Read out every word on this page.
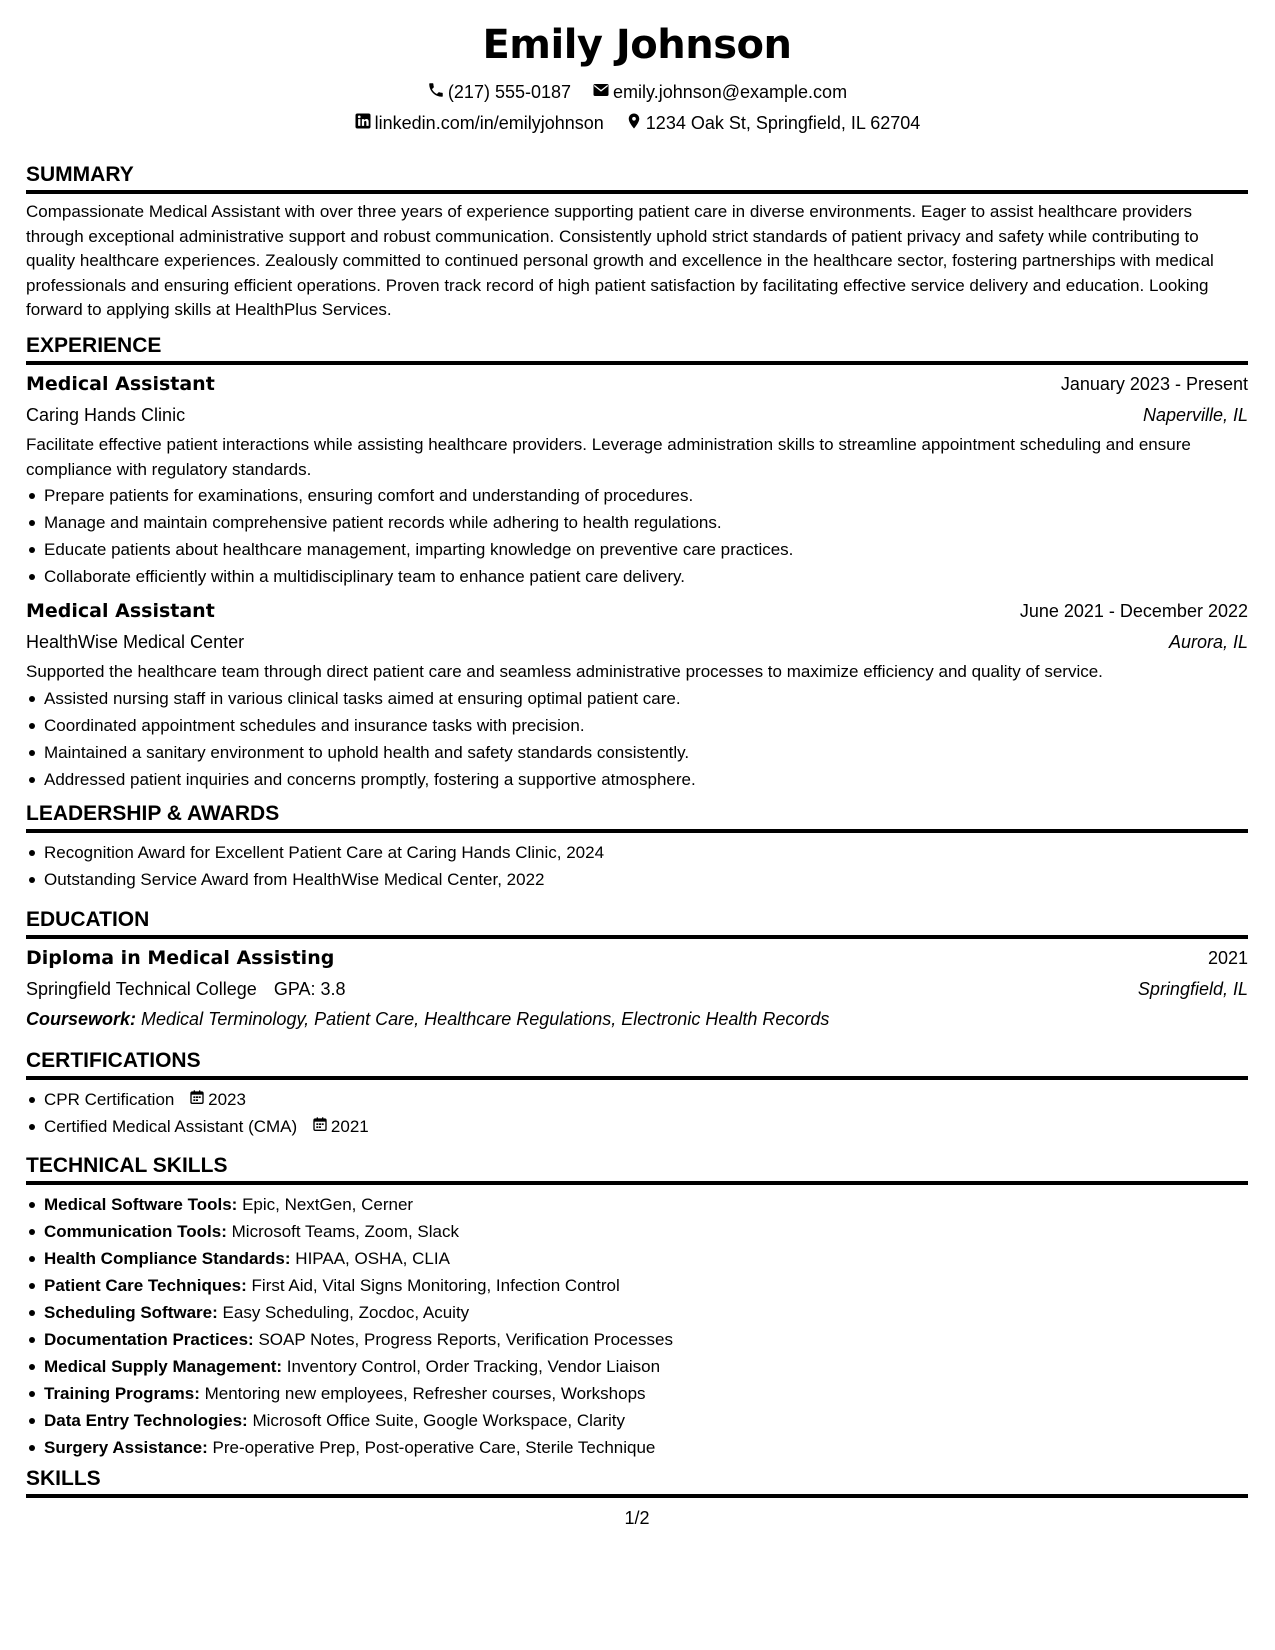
Emily Johnson
(217) 555-0187
emily.johnson@example.com
linkedin.com/in/emilyjohnson
1234 Oak St, Springfield, IL 62704
SUMMARY
Compassionate Medical Assistant with over three years of experience supporting patient care in diverse environments. Eager to assist healthcare providers through exceptional administrative support and robust communication. Consistently uphold strict standards of patient privacy and safety while contributing to quality healthcare experiences. Zealously committed to continued personal growth and excellence in the healthcare sector, fostering partnerships with medical professionals and ensuring efficient operations. Proven track record of high patient satisfaction by facilitating effective service delivery and education. Looking forward to applying skills at HealthPlus Services.
EXPERIENCE
Medical Assistant	January 2023 - Present
Caring Hands Clinic	Naperville, IL
Facilitate effective patient interactions while assisting healthcare providers. Leverage administration skills to streamline appointment scheduling and ensure compliance with regulatory standards.
Prepare patients for examinations, ensuring comfort and understanding of procedures.
Manage and maintain comprehensive patient records while adhering to health regulations.
Educate patients about healthcare management, imparting knowledge on preventive care practices.
Collaborate efficiently within a multidisciplinary team to enhance patient care delivery.
Medical Assistant	June 2021 - December 2022
HealthWise Medical Center	Aurora, IL
Supported the healthcare team through direct patient care and seamless administrative processes to maximize efficiency and quality of service.
Assisted nursing staff in various clinical tasks aimed at ensuring optimal patient care.
Coordinated appointment schedules and insurance tasks with precision.
Maintained a sanitary environment to uphold health and safety standards consistently.
Addressed patient inquiries and concerns promptly, fostering a supportive atmosphere.
LEADERSHIP & AWARDS
Recognition Award for Excellent Patient Care at Caring Hands Clinic, 2024
Outstanding Service Award from HealthWise Medical Center, 2022
EDUCATION
Diploma in Medical Assisting	2021
Springfield Technical College GPA: 3.8	Springfield, IL
Coursework: Medical Terminology, Patient Care, Healthcare Regulations, Electronic Health Records
CERTIFICATIONS
CPR Certification 2023
Certified Medical Assistant (CMA) 2021
TECHNICAL SKILLS
Medical Software Tools: Epic, NextGen, Cerner
Communication Tools: Microsoft Teams, Zoom, Slack
Health Compliance Standards: HIPAA, OSHA, CLIA
Patient Care Techniques: First Aid, Vital Signs Monitoring, Infection Control
Scheduling Software: Easy Scheduling, Zocdoc, Acuity
Documentation Practices: SOAP Notes, Progress Reports, Verification Processes
Medical Supply Management: Inventory Control, Order Tracking, Vendor Liaison
Training Programs: Mentoring new employees, Refresher courses, Workshops
Data Entry Technologies: Microsoft Office Suite, Google Workspace, Clarity
Surgery Assistance: Pre-operative Prep, Post-operative Care, Sterile Technique
SKILLS
1/2
